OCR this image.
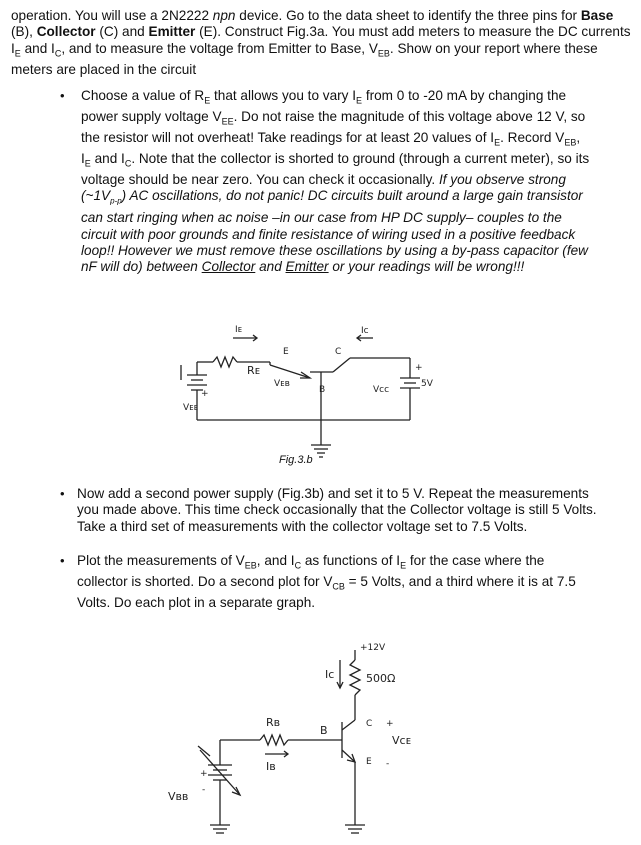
operation. You will use a 2N2222 npn device. Go to the data sheet to identify the three pins for Base (B), Collector (C) and Emitter (E). Construct Fig.3a. You must add meters to measure the DC currents $I_E$ and $I_C$, and to measure the voltage from Emitter to Base, $V_{EB}$. Show on your report where these meters are placed in the circuit

• Choose a value of $R_E$ that allows you to vary $I_E$ from 0 to -20 mA by changing the power supply voltage $V_{EE}$. Do not raise the magnitude of this voltage above 12 V, so the resistor will not overheat! Take readings for at least 20 values of $I_E$. Record $V_{EB}$, $I_E$ and $I_C$. Note that the collector is shorted to ground (through a current meter), so its voltage should be near zero. You can check it occasionally. If you observe strong $(\sim 1V_{p-p})$ AC oscillations, do not panic! DC circuits built around a large gain transistor can start ringing when ac noise –in our case from HP DC supply– couples to the circuit with poor grounds and finite resistance of wiring used in a positive feedback loop!! However we must remove these oscillations by using a by-pass capacitor (few nF will do) between Collector and Emitter or your readings will be wrong!!!
Iᴇ	Iᴄ
Rᴇ
E	C
B
Vᴇʙ
Vᴇᴇ
Vᴄᴄ
+
5V
+
Fig.3.b
• Now add a second power supply (Fig.3b) and set it to 5 V. Repeat the measurements you made above. This time check occasionally that the Collector voltage is still 5 Volts. Take a third set of measurements with the collector voltage set to 7.5 Volts.
• Plot the measurements of $V_{EB}$, and $I_C$ as functions of $I_E$ for the case where the collector is shorted. Do a second plot for $V_{CB} = 5$ Volts, and a third where it is at 7.5 Volts. Do each plot in a separate graph.
+12V
500Ω
Iᴄ
Rʙ
Iʙ
B	C
E
+
Vᴄᴇ
-
Vʙʙ
+
-
